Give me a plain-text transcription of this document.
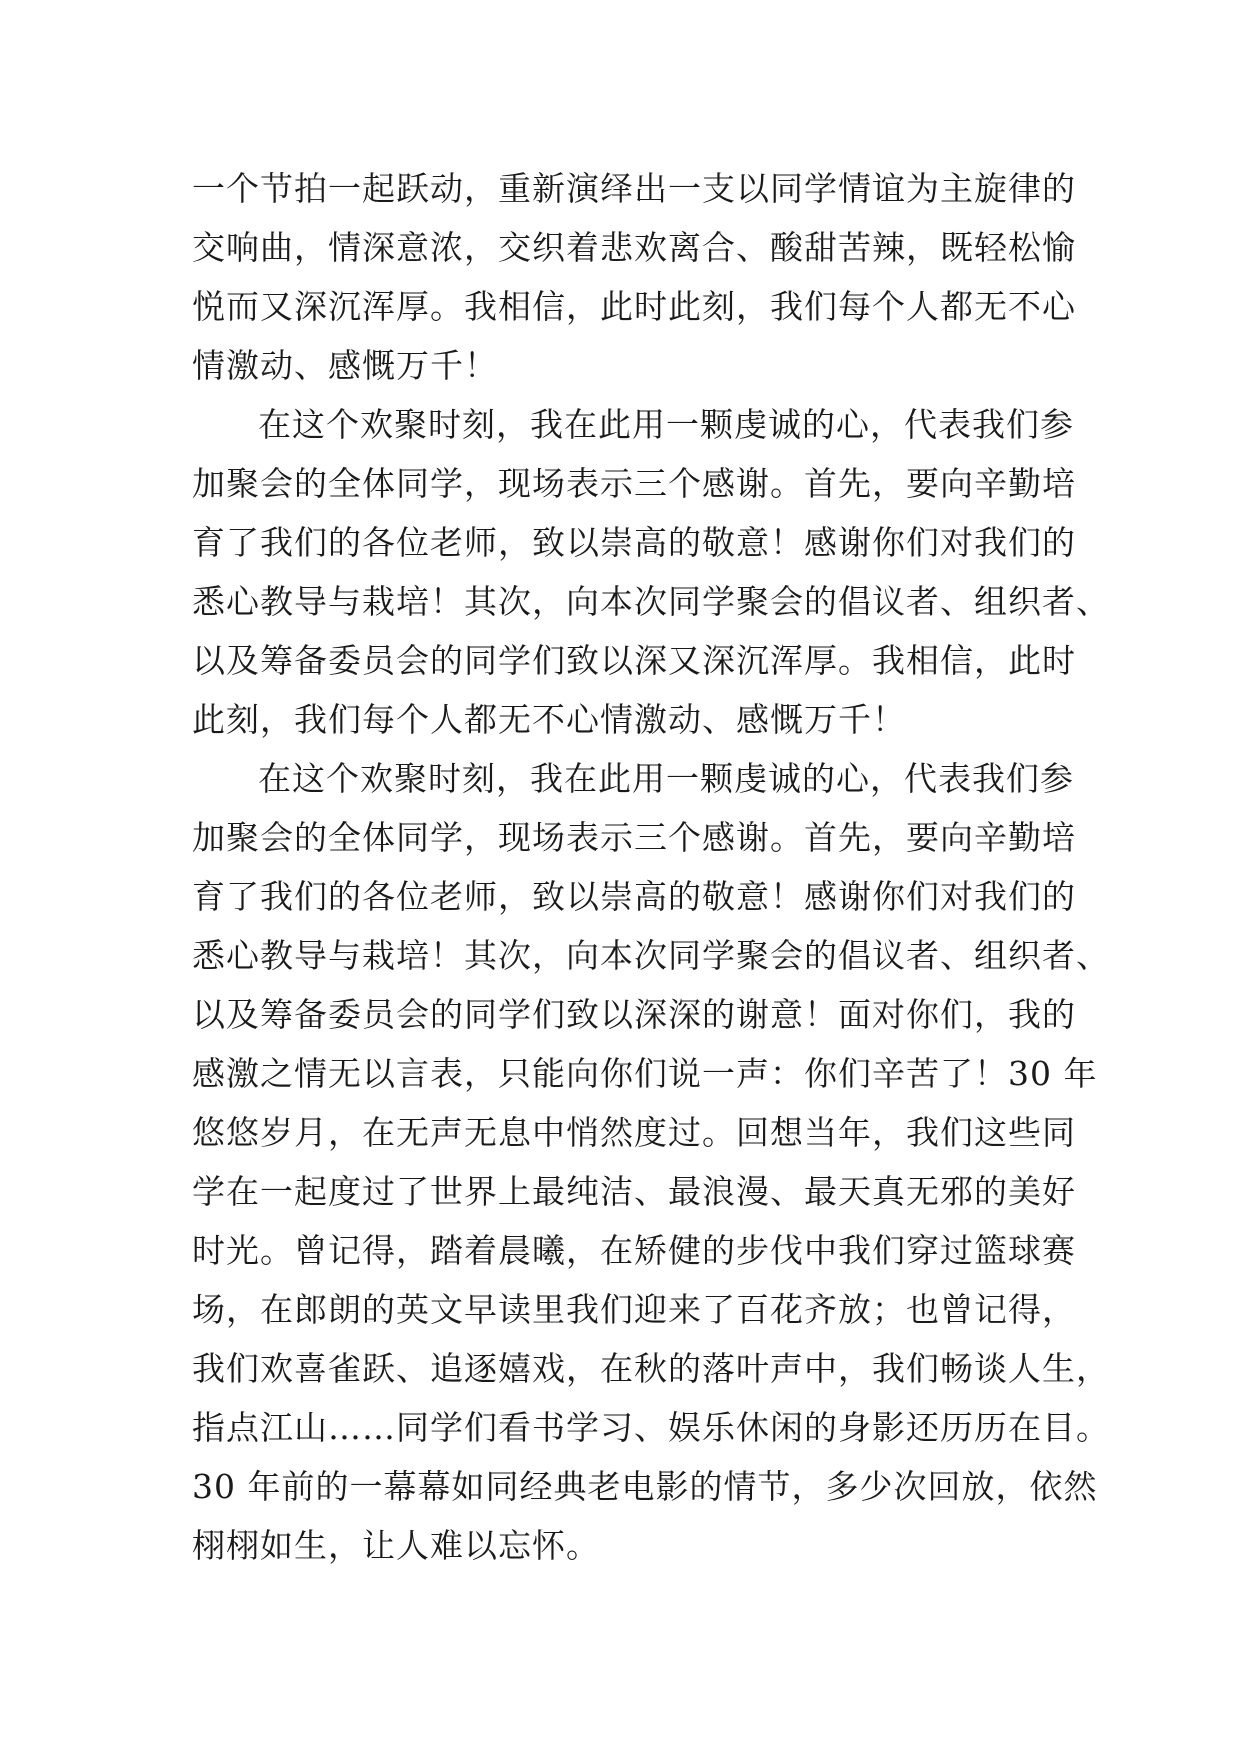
一个节拍一起跃动，重新演绎出一支以同学情谊为主旋律的
交响曲，情深意浓，交织着悲欢离合、酸甜苦辣，既轻松愉
悦而又深沉浑厚。我相信，此时此刻，我们每个人都无不心
情激动、感慨万千！
在这个欢聚时刻，我在此用一颗虔诚的心，代表我们参
加聚会的全体同学，现场表示三个感谢。首先，要向辛勤培
育了我们的各位老师，致以崇高的敬意！感谢你们对我们的
悉心教导与栽培！其次，向本次同学聚会的倡议者、组织者、
以及筹备委员会的同学们致以深又深沉浑厚。我相信，此时
此刻，我们每个人都无不心情激动、感慨万千！
在这个欢聚时刻，我在此用一颗虔诚的心，代表我们参
加聚会的全体同学，现场表示三个感谢。首先，要向辛勤培
育了我们的各位老师，致以崇高的敬意！感谢你们对我们的
悉心教导与栽培！其次，向本次同学聚会的倡议者、组织者、
以及筹备委员会的同学们致以深深的谢意！面对你们，我的
感激之情无以言表，只能向你们说一声：你们辛苦了！30 年
悠悠岁月，在无声无息中悄然度过。回想当年，我们这些同
学在一起度过了世界上最纯洁、最浪漫、最天真无邪的美好
时光。曾记得，踏着晨曦，在矫健的步伐中我们穿过篮球赛
场，在郎朗的英文早读里我们迎来了百花齐放；也曾记得，
我们欢喜雀跃、追逐嬉戏，在秋的落叶声中，我们畅谈人生，
指点江山……同学们看书学习、娱乐休闲的身影还历历在目。
30 年前的一幕幕如同经典老电影的情节，多少次回放，依然
栩栩如生，让人难以忘怀。
